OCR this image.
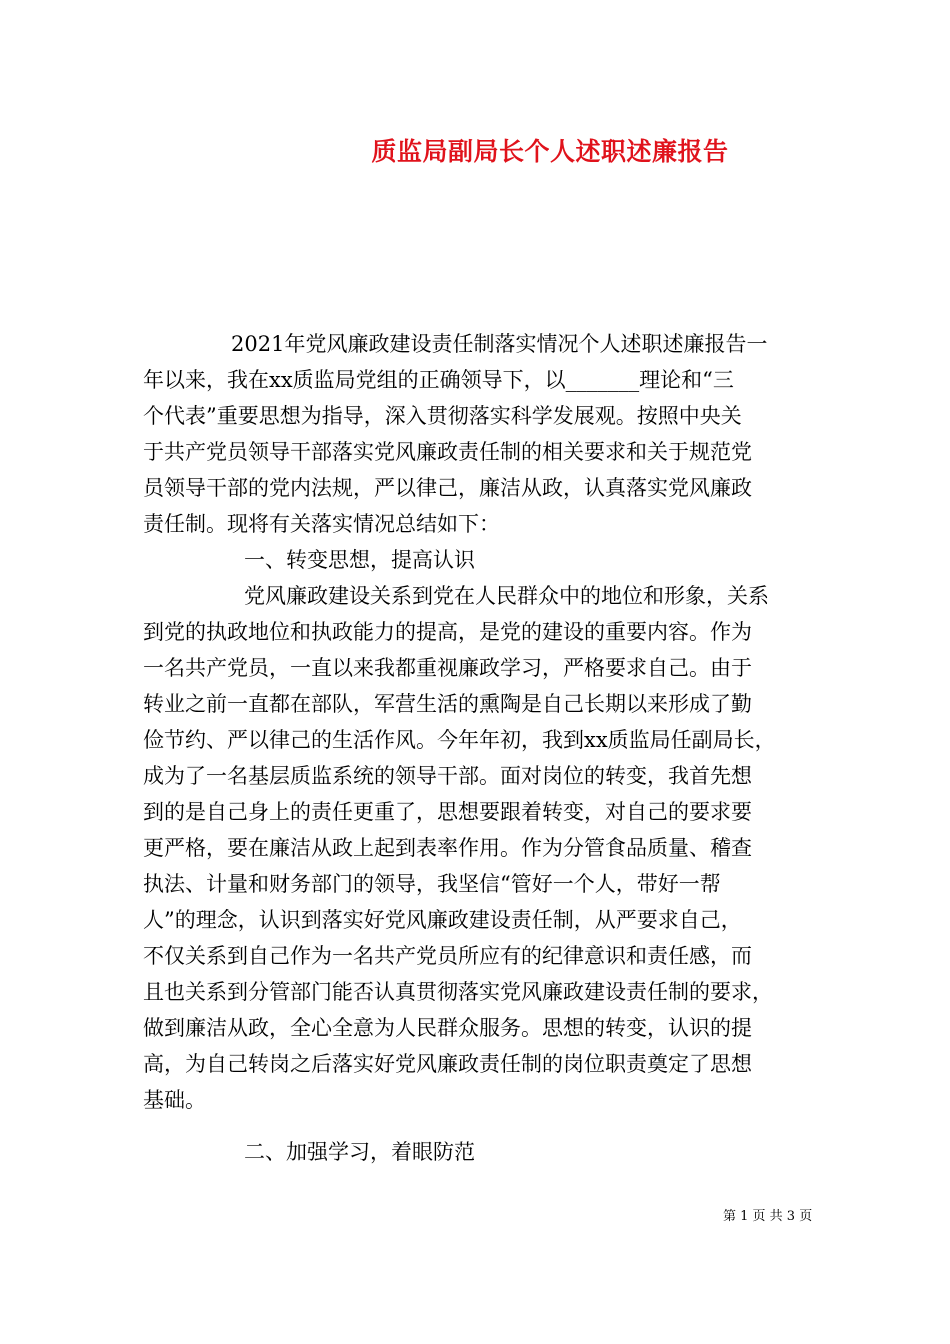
质监局副局长个人述职述廉报告
2021年党风廉政建设责任制落实情况个人述职述廉报告一
年以来，我在xx质监局党组的正确领导下，以_______理论和“三
个代表”重要思想为指导，深入贯彻落实科学发展观。按照中央关
于共产党员领导干部落实党风廉政责任制的相关要求和关于规范党
员领导干部的党内法规，严以律己，廉洁从政，认真落实党风廉政
责任制。现将有关落实情况总结如下：
一、转变思想，提高认识
党风廉政建设关系到党在人民群众中的地位和形象，关系
到党的执政地位和执政能力的提高，是党的建设的重要内容。作为
一名共产党员，一直以来我都重视廉政学习，严格要求自己。由于
转业之前一直都在部队，军营生活的熏陶是自己长期以来形成了勤
俭节约、严以律己的生活作风。今年年初，我到xx质监局任副局长，
成为了一名基层质监系统的领导干部。面对岗位的转变，我首先想
到的是自己身上的责任更重了，思想要跟着转变，对自己的要求要
更严格，要在廉洁从政上起到表率作用。作为分管食品质量、稽查
执法、计量和财务部门的领导，我坚信“管好一个人，带好一帮
人”的理念，认识到落实好党风廉政建设责任制，从严要求自己，
不仅关系到自己作为一名共产党员所应有的纪律意识和责任感，而
且也关系到分管部门能否认真贯彻落实党风廉政建设责任制的要求，
做到廉洁从政，全心全意为人民群众服务。思想的转变，认识的提
高，为自己转岗之后落实好党风廉政责任制的岗位职责奠定了思想
基础。
二、加强学习，着眼防范
第 1 页 共 3 页
